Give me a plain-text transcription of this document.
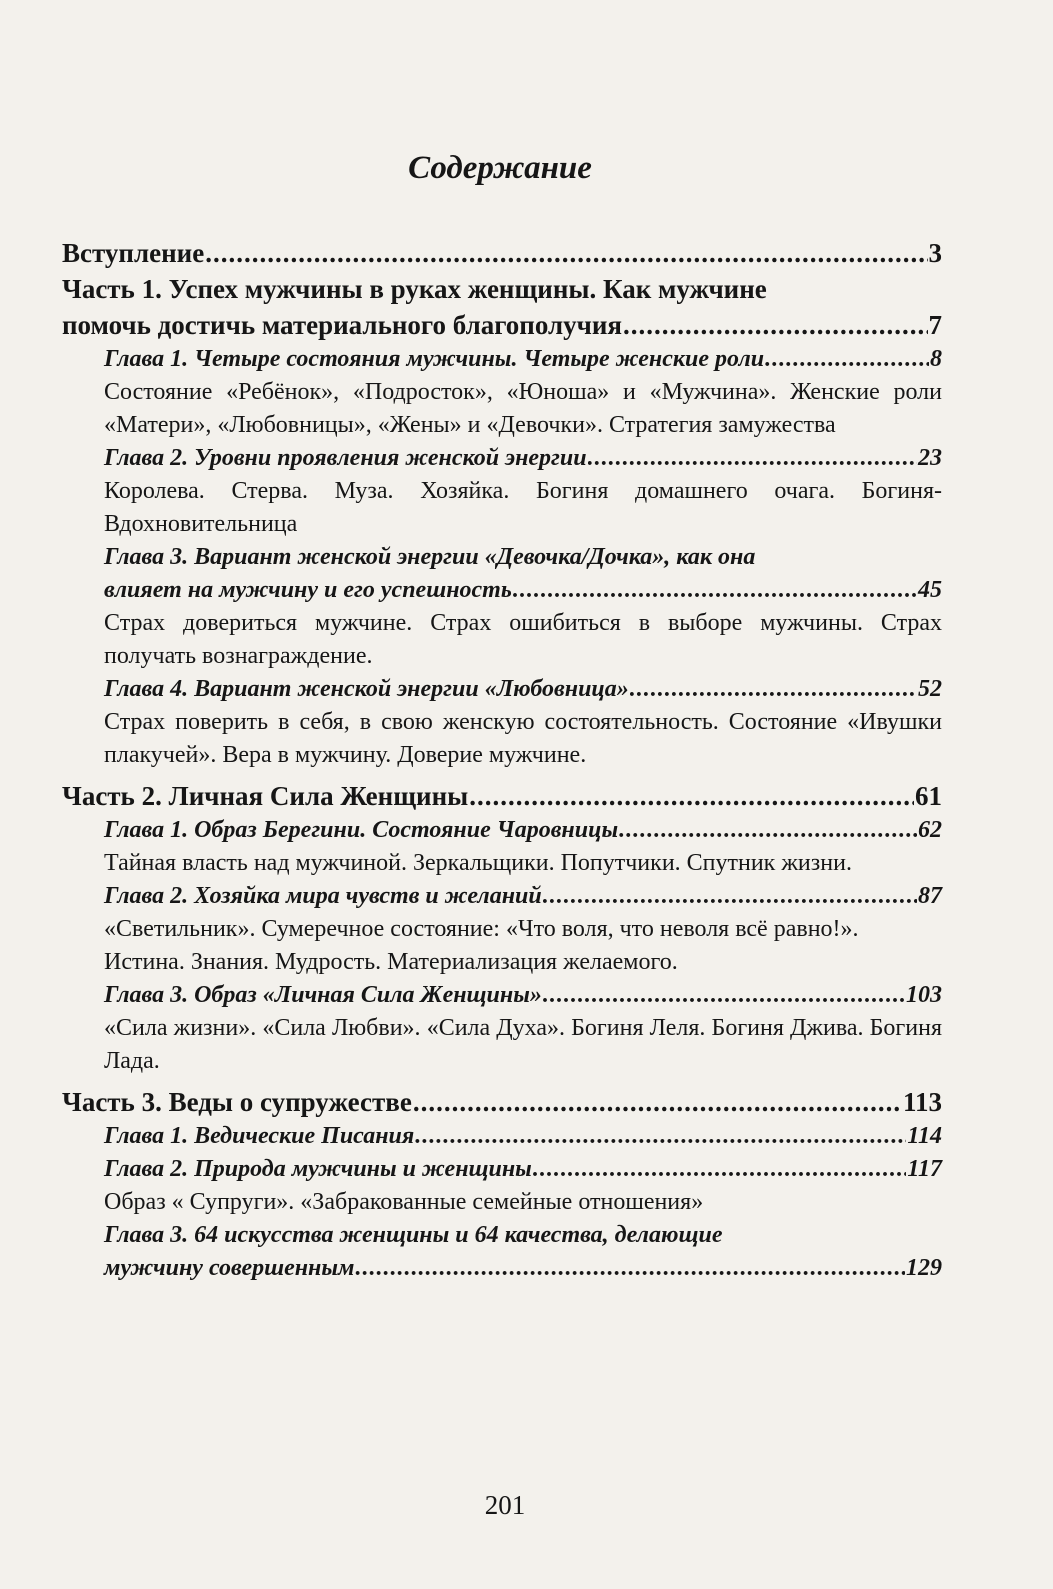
Содержание
Вступление .....	3
Часть 1. Успех мужчины в руках женщины. Как мужчине
помочь достичь материального благополучия .....	7
Глава 1. Четыре состояния мужчины. Четыре женские роли .....	8
Состояние «Ребёнок», «Подросток», «Юноша» и «Мужчина». Женские роли «Матери», «Любовницы», «Жены» и «Девочки». Стратегия замужества
Глава 2. Уровни проявления женской энергии .....	23
Королева. Стерва. Муза. Хозяйка. Богиня домашнего очага. Богиня-Вдохновительница
Глава 3. Вариант женской энергии «Девочка/Дочка», как она
влияет на мужчину и его успешность .....	45
Страх довериться мужчине. Страх ошибиться в выборе мужчины. Страх получать вознаграждение.
Глава 4. Вариант женской энергии «Любовница» .....	52
Страх поверить в себя, в свою женскую состоятельность. Состояние «Ивушки плакучей». Вера в мужчину. Доверие мужчине.
Часть 2. Личная Сила Женщины .....	61
Глава 1. Образ Берегини. Состояние Чаровницы .....	62
Тайная власть над мужчиной. Зеркальщики. Попутчики. Спутник жизни.
Глава 2. Хозяйка мира чувств и желаний .....	87
«Светильник». Сумеречное состояние: «Что воля, что неволя всё равно!».
Истина. Знания. Мудрость. Материализация желаемого.
Глава 3. Образ «Личная Сила Женщины» .....	103
«Сила жизни». «Сила Любви». «Сила Духа». Богиня Леля. Богиня Джива. Богиня Лада.
Часть 3. Веды о супружестве .....	113
Глава 1. Ведические Писания .....	114
Глава 2. Природа мужчины и женщины .....	117
Образ « Супруги». «Забракованные семейные отношения»
Глава 3. 64 искусства женщины и 64 качества, делающие
мужчину совершенным .....	129
201
